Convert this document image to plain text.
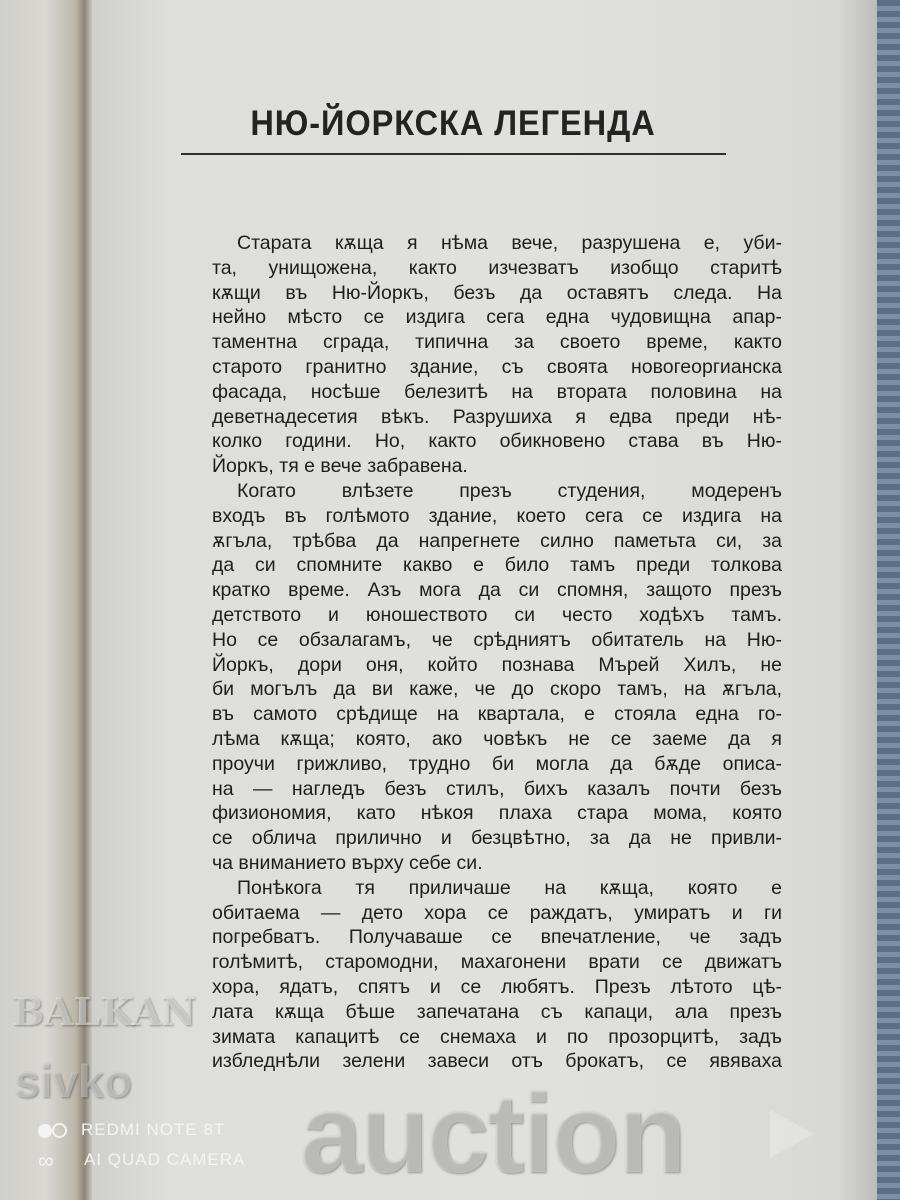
НЮ-ЙОРКСКА ЛЕГЕНДА
Старата кѫща я нѣма вече, разрушена е, уби-
та, унищожена, както изчезватъ изобщо старитѣ
кѫщи въ Ню-Йоркъ, безъ да оставятъ следа. На
нейно мѣсто се издига сега една чудовищна апар-
таментна сграда, типична за своето време, както
старото гранитно здание, съ своята новогеоргианска
фасада, носѣше белезитѣ на втората половина на
деветнадесетия вѣкъ. Разрушиха я едва преди нѣ-
колко години. Но, както обикновено става въ Ню-
Йоркъ, тя е вече забравена.
Когато влѣзете презъ студения, модеренъ
входъ въ голѣмото здание, което сега се издига на
ѫгъла, трѣбва да напрегнете силно паметьта си, за
да си спомните какво е било тамъ преди толкова
кратко време. Азъ мога да си спомня, защото презъ
детството и юношеството си често ходѣхъ тамъ.
Но се обзалагамъ, че срѣдниятъ обитатель на Ню-
Йоркъ, дори оня, който познава Мърей Хилъ, не
би могълъ да ви каже, че до скоро тамъ, на ѫгъла,
въ самото срѣдище на квартала, е стояла една го-
лѣма кѫща; която, ако човѣкъ не се заеме да я
проучи грижливо, трудно би могла да бѫде описа-
на — нагледъ безъ стилъ, бихъ казалъ почти безъ
физиономия, като нѣкоя плаха стара мома, която
се облича прилично и безцвѣтно, за да не привли-
ча вниманието върху себе си.
Понѣкога тя приличаше на кѫща, която е
обитаема — дето хора се раждатъ, умиратъ и ги
погребватъ. Получаваше се впечатление, че задъ
голѣмитѣ, старомодни, махагонени врати се движатъ
хора, ядатъ, спятъ и се любятъ. Презъ лѣтото цѣ-
лата кѫща бѣше запечатана съ капаци, ала презъ
зимата капацитѣ се снемаха и по прозорцитѣ, задъ
избледнѣли зелени завеси отъ брокатъ, се явяваха
BALKAN
auction
sivko
REDMI NOTE 8T
∞ AI QUAD CAMERA
